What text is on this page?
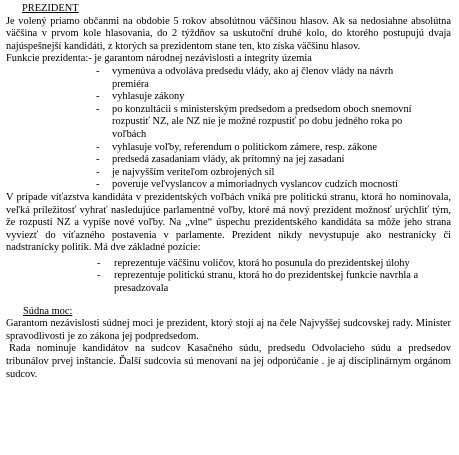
PREZIDENT

Je volený priamo občanmi na obdobie 5 rokov absolútnou väčšinou hlasov. Ak sa nedosiahne absolútna väčšina v prvom kole hlasovania, do 2 týždňov sa uskutoční druhé kolo, do ktorého postupujú dvaja najúspešnejší kandidáti, z ktorých sa prezidentom stane ten, kto získa väčšinu hlasov.

Funkcie prezidenta:- je garantom národnej nezávislosti a integrity územia

- vymenúva a odvoláva predsedu vlády, ako aj členov vlády na návrh premiéra
- vyhlasuje zákony
- po konzultácii s ministerským predsedom a predsedom oboch snemovní rozpustiť NZ, ale NZ nie je možné rozpustiť po dobu jedného roka po voľbách
- vyhlasuje voľby, referendum o politickom zámere, resp. zákone
- predsedá zasadaniam vlády, ak prítomný na jej zasadaní
- je najvyšším veriteľom ozbrojených síl
- poveruje veľvyslancov a mimoriadnych vyslancov cudzích mocností

V prípade víťazstva kandidáta v prezidentských voľbách vniká pre politickú stranu, ktorá ho nominovala, veľká príležitosť vyhrať nasledujúce parlamentné voľby, ktoré má nový prezident možnosť urýchliť tým, že rozpustí NZ a vypíše nové voľby. Na „vlne“ úspechu prezidentského kandidáta sa môže jeho strana vyviezť do víťazného postavenia v parlamente. Prezident nikdy nevystupuje ako nestranícky či nadstranícky politik. Má dve základné pozície:

- reprezentuje väčšinu voličov, ktorá ho posunula do prezidentskej úlohy
- reprezentuje politickú stranu, ktorá ho do prezidentskej funkcie navrhla a presadzovala
Súdna moc:

Garantom nezávislosti súdnej moci je prezident, ktorý stojí aj na čele Najvyššej sudcovskej rady. Minister spravodlivosti je zo zákona jej podpredsedom.

Rada nominuje kandidátov na sudcov Kasačného súdu, predsedu Odvolacieho súdu a predsedov tribunálov prvej inštancie. Ďalší sudcovia sú menovaní na jej odporúčanie . je aj disciplinárnym orgánom sudcov.
